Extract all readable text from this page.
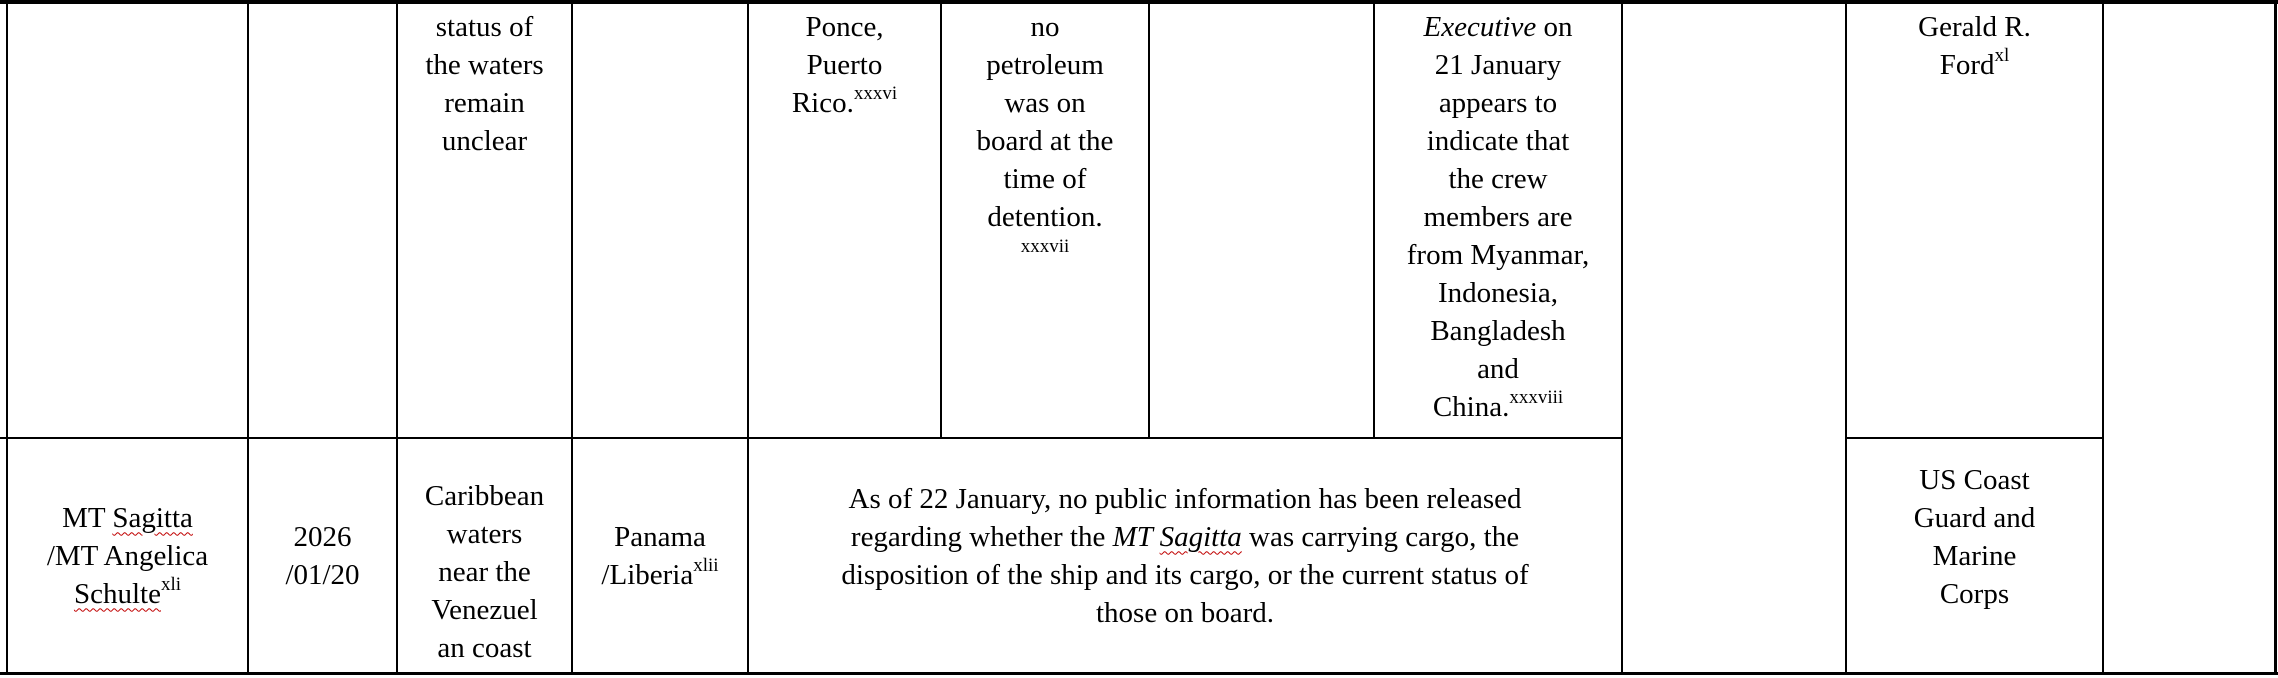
status of
the waters
remain
unclear
Ponce,
Puerto
Rico.$^{xxxvi}$
no
petroleum
was on
board at the
time of
detention.
xxxvii
Executive on
21 January
appears to
indicate that
the crew
members are
from Myanmar,
Indonesia,
Bangladesh
and
China.$^{xxxviii}$
Gerald R.
Ford$^{xl}$
MT Sagitta
/MT Angelica
Schulte$^{xli}$
2026
/01/20
Caribbean
waters
near the
Venezuel
an coast
Panama
/Liberia$^{xlii}$
As of 22 January, no public information has been released
regarding whether the MT Sagitta was carrying cargo, the
disposition of the ship and its cargo, or the current status of
those on board.
US Coast
Guard and
Marine
Corps
